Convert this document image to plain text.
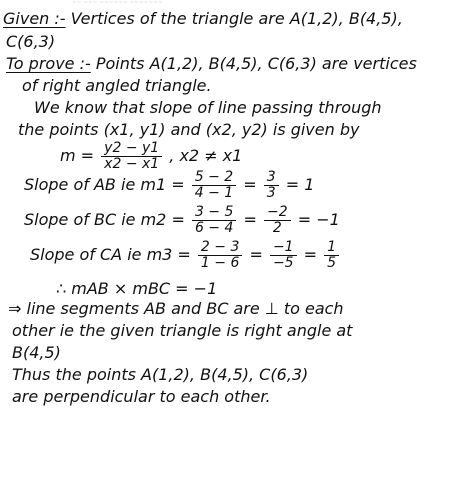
~~ ~~~ ~~~~~~ ~~~~~~~
Given :- Vertices of the triangle are A(1,2), B(4,5),
C(6,3)
To prove :- Points A(1,2), B(4,5), C(6,3) are vertices
of right angled triangle.
We know that slope of line passing through
the points (x1, y1) and (x2, y2) is given by
$m = \frac{y2 - y1}{x2 - x1}$ , x2 ≠ x1
Slope of AB ie $m1 = \frac{5 - 2}{4 - 1} = \frac{3}{3} = 1$
Slope of BC ie $m2 = \frac{3 - 5}{6 - 4} = \frac{-2}{2} = -1$
Slope of CA ie $m3 = \frac{2 - 3}{1 - 6} = \frac{-1}{-5} = \frac{1}{5}$
∴ mAB × mBC = −1
⇒ line segments AB and BC are ⊥ to each
other ie the given triangle is right angle at
B(4,5)
Thus the points A(1,2), B(4,5), C(6,3)
are perpendicular to each other.
